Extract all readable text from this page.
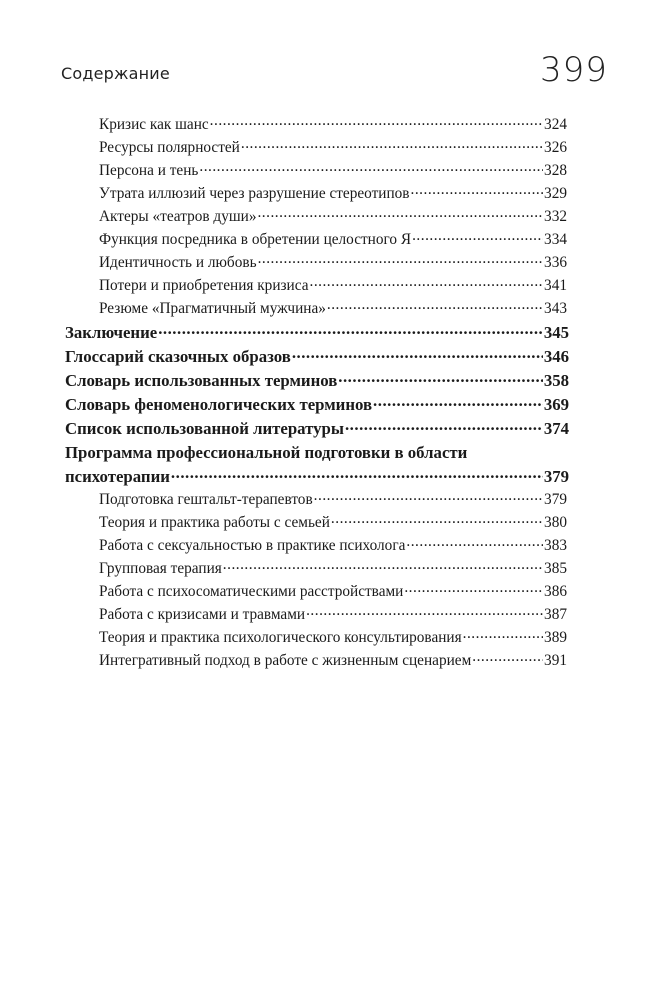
Содержание	399
Кризис как шанс .....	324
Ресурсы полярностей .....	326
Персона и тень .....	328
Утрата иллюзий через разрушение стереотипов .....	329
Актеры «театров души» .....	332
Функция посредника в обретении целостного Я .....	334
Идентичность и любовь .....	336
Потери и приобретения кризиса .....	341
Резюме «Прагматичный мужчина» .....	343
Заключение .....	345
Глоссарий сказочных образов .....	346
Словарь использованных терминов .....	358
Словарь феноменологических терминов .....	369
Список использованной литературы .....	374
Программа профессиональной подготовки в области
психотерапии .....	379
Подготовка гештальт-терапевтов .....	379
Теория и практика работы с семьей .....	380
Работа с сексуальностью в практике психолога .....	383
Групповая терапия .....	385
Работа с психосоматическими расстройствами .....	386
Работа с кризисами и травмами .....	387
Теория и практика психологического консультирования .....	389
Интегративный подход в работе с жизненным сценарием .....	391
